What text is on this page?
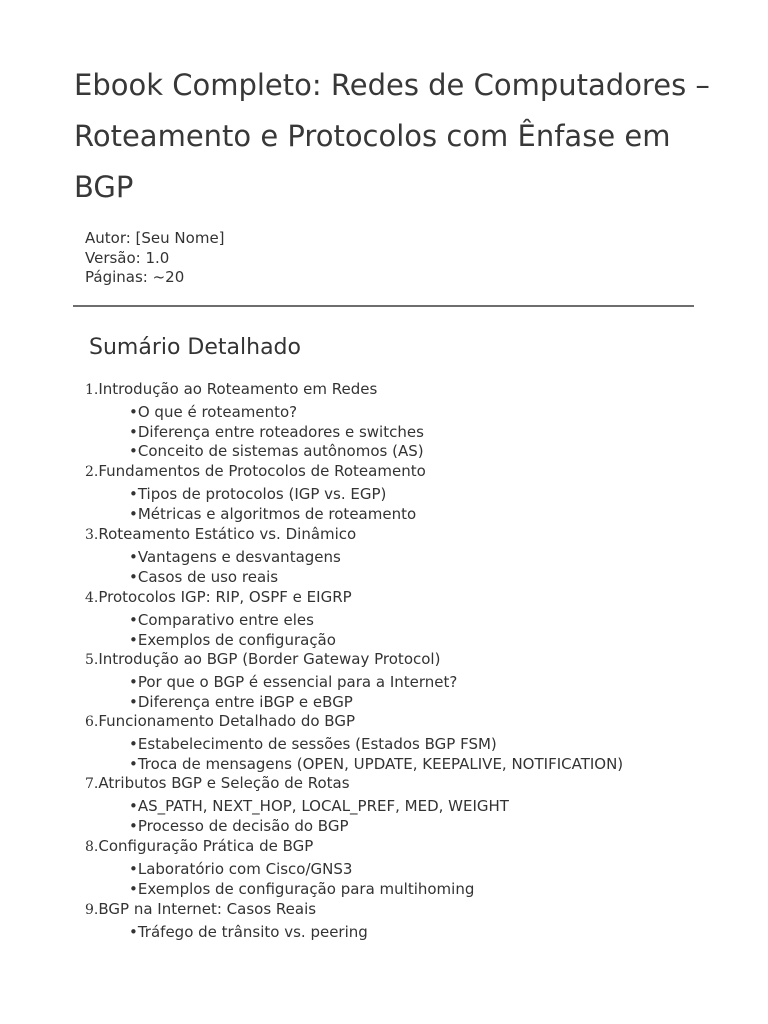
Ebook Completo: Redes de Computadores – Roteamento e Protocolos com Ênfase em BGP
Autor: [Seu Nome]
Versão: 1.0
Páginas: ~20
Sumário Detalhado
1.Introdução ao Roteamento em Redes
•O que é roteamento?
•Diferença entre roteadores e switches
•Conceito de sistemas autônomos (AS)
2.Fundamentos de Protocolos de Roteamento
•Tipos de protocolos (IGP vs. EGP)
•Métricas e algoritmos de roteamento
3.Roteamento Estático vs. Dinâmico
•Vantagens e desvantagens
•Casos de uso reais
4.Protocolos IGP: RIP, OSPF e EIGRP
•Comparativo entre eles
•Exemplos de configuração
5.Introdução ao BGP (Border Gateway Protocol)
•Por que o BGP é essencial para a Internet?
•Diferença entre iBGP e eBGP
6.Funcionamento Detalhado do BGP
•Estabelecimento de sessões (Estados BGP FSM)
•Troca de mensagens (OPEN, UPDATE, KEEPALIVE, NOTIFICATION)
7.Atributos BGP e Seleção de Rotas
•AS_PATH, NEXT_HOP, LOCAL_PREF, MED, WEIGHT
•Processo de decisão do BGP
8.Configuração Prática de BGP
•Laboratório com Cisco/GNS3
•Exemplos de configuração para multihoming
9.BGP na Internet: Casos Reais
•Tráfego de trânsito vs. peering
